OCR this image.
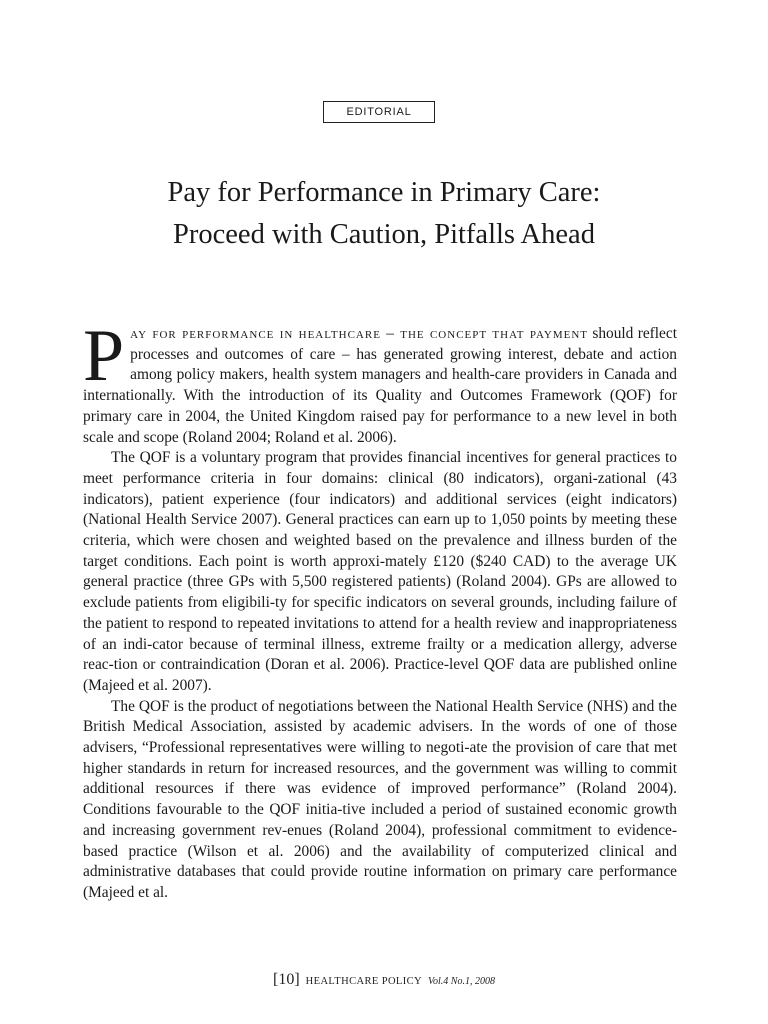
EDITORIAL
Pay for Performance in Primary Care:
Proceed with Caution, Pitfalls Ahead

Pay for performance in healthcare – the concept that payment should reflect processes and outcomes of care – has generated growing interest, debate and action among policy makers, health system managers and health-care providers in Canada and internationally. With the introduction of its Quality and Outcomes Framework (QOF) for primary care in 2004, the United Kingdom raised pay for performance to a new level in both scale and scope (Roland 2004; Roland et al. 2006).

The QOF is a voluntary program that provides financial incentives for general practices to meet performance criteria in four domains: clinical (80 indicators), organi-zational (43 indicators), patient experience (four indicators) and additional services (eight indicators) (National Health Service 2007). General practices can earn up to 1,050 points by meeting these criteria, which were chosen and weighted based on the prevalence and illness burden of the target conditions. Each point is worth approxi-mately £120 ($240 CAD) to the average UK general practice (three GPs with 5,500 registered patients) (Roland 2004). GPs are allowed to exclude patients from eligibili-ty for specific indicators on several grounds, including failure of the patient to respond to repeated invitations to attend for a health review and inappropriateness of an indi-cator because of terminal illness, extreme frailty or a medication allergy, adverse reac-tion or contraindication (Doran et al. 2006). Practice-level QOF data are published online (Majeed et al. 2007).

The QOF is the product of negotiations between the National Health Service (NHS) and the British Medical Association, assisted by academic advisers. In the words of one of those advisers, “Professional representatives were willing to negoti-ate the provision of care that met higher standards in return for increased resources, and the government was willing to commit additional resources if there was evidence of improved performance” (Roland 2004). Conditions favourable to the QOF initia-tive included a period of sustained economic growth and increasing government rev-enues (Roland 2004), professional commitment to evidence-based practice (Wilson et al. 2006) and the availability of computerized clinical and administrative databases that could provide routine information on primary care performance (Majeed et al.

[10] HEALTHCARE POLICY Vol.4 No.1, 2008
